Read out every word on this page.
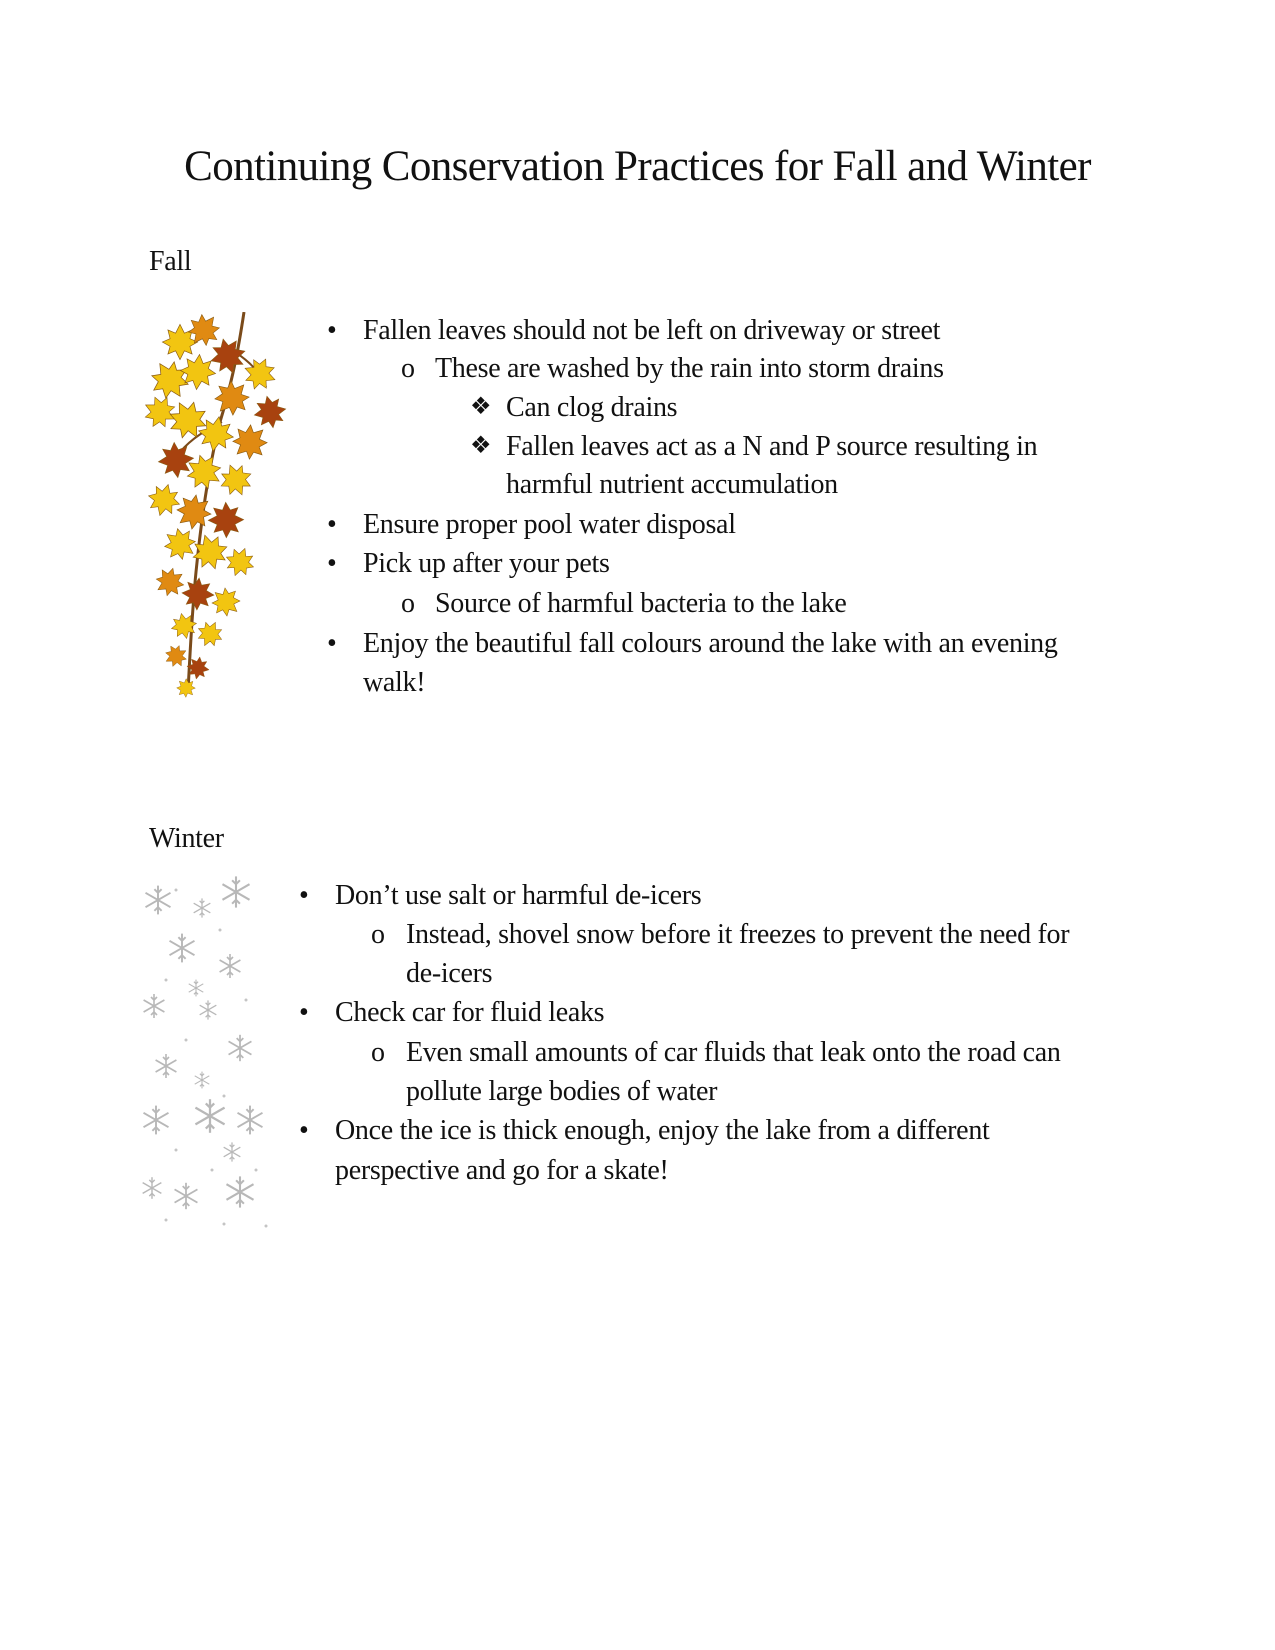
Continuing Conservation Practices for Fall and Winter
Fall
• Fallen leaves should not be left on driveway or street
o These are washed by the rain into storm drains
❖ Can clog drains
❖ Fallen leaves act as a N and P source resulting in
harmful nutrient accumulation
• Ensure proper pool water disposal
• Pick up after your pets
o Source of harmful bacteria to the lake
• Enjoy the beautiful fall colours around the lake with an evening
walk!
Winter
• Don’t use salt or harmful de-icers
o Instead, shovel snow before it freezes to prevent the need for
de-icers
• Check car for fluid leaks
o Even small amounts of car fluids that leak onto the road can
pollute large bodies of water
• Once the ice is thick enough, enjoy the lake from a different
perspective and go for a skate!
